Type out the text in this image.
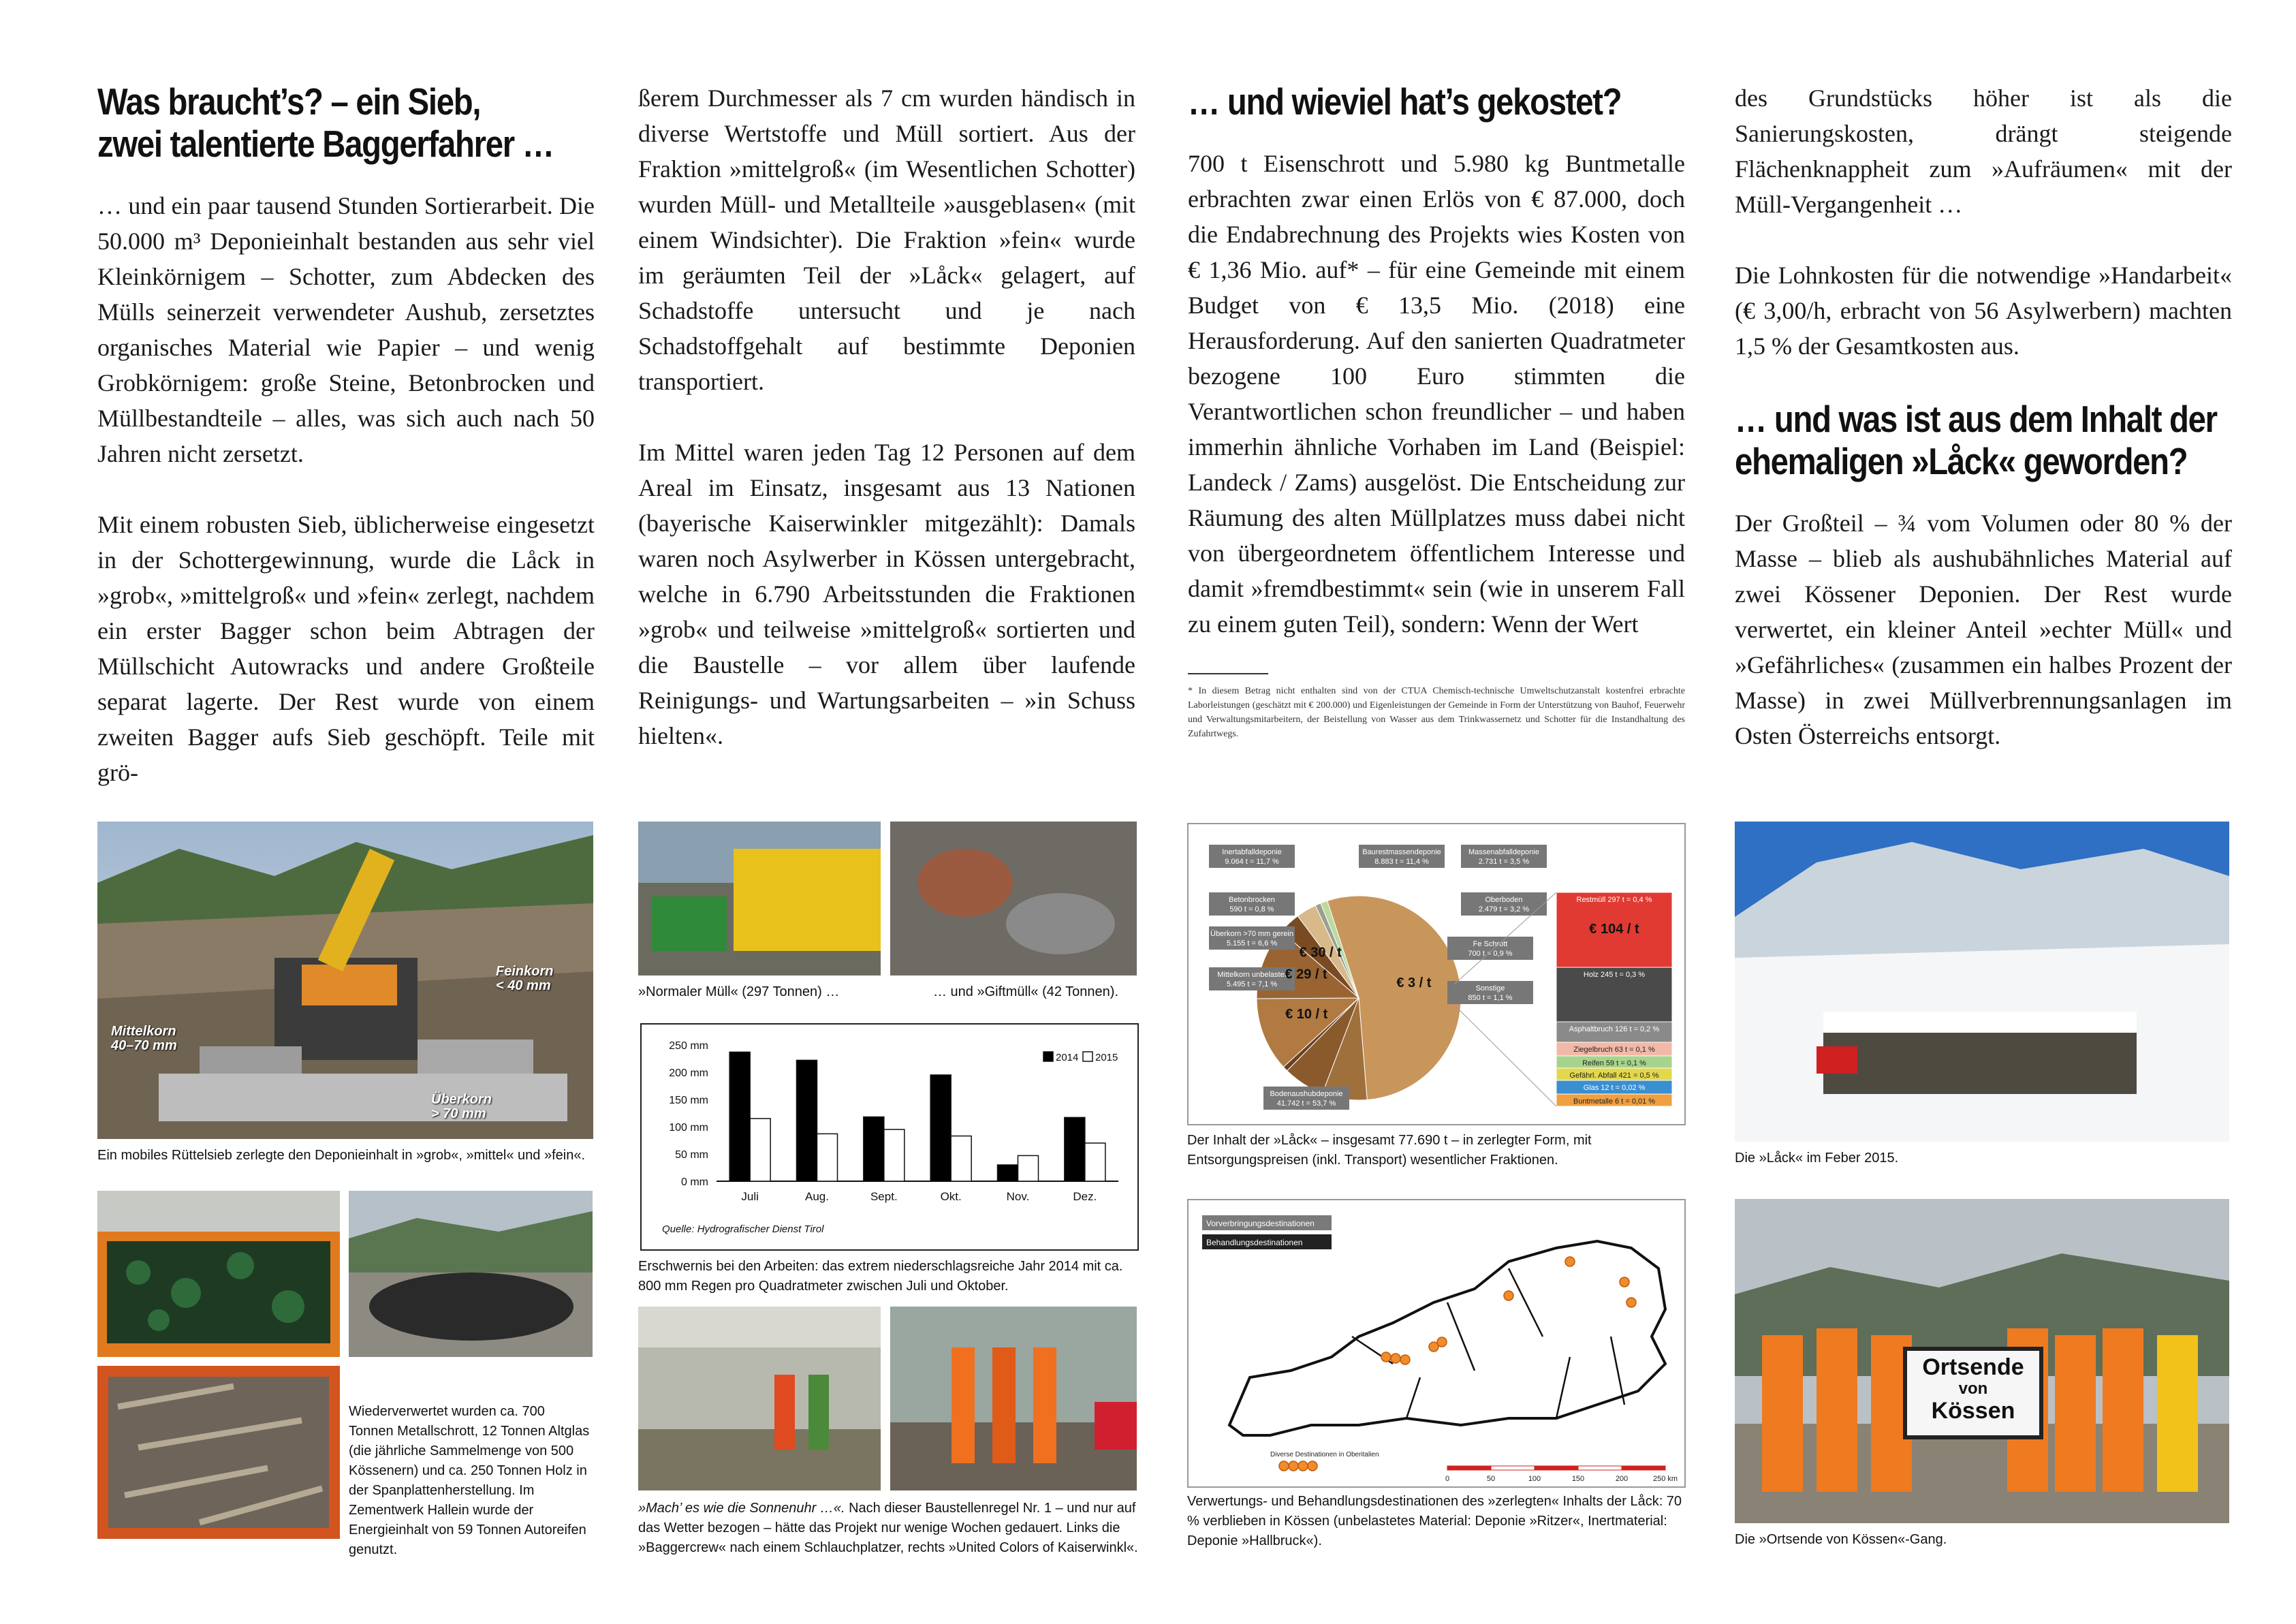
Was braucht’s? – ein Sieb,
zwei talentierte Baggerfahrer …

… und ein paar tausend Stunden Sortierarbeit. Die 50.000 m³ Deponieinhalt bestanden aus sehr viel Kleinkörnigem – Schotter, zum Abdecken des Mülls seinerzeit verwendeter Aushub, zersetztes organisches Material wie Papier – und wenig Grobkörnigem: große Steine, Betonbrocken und Müllbestandteile – alles, was sich auch nach 50 Jahren nicht zersetzt.

Mit einem robusten Sieb, üblicherweise eingesetzt in der Schottergewinnung, wurde die Låck in »grob«, »mittelgroß« und »fein« zerlegt, nachdem ein erster Bagger schon beim Abtragen der Müllschicht Autowracks und andere Großteile separat lagerte. Der Rest wurde von einem zweiten Bagger aufs Sieb geschöpft. Teile mit grö-

ßerem Durchmesser als 7 cm wurden händisch in diverse Wertstoffe und Müll sortiert. Aus der Fraktion »mittelgroß« (im Wesentlichen Schotter) wurden Müll- und Metallteile »ausgeblasen« (mit einem Windsichter). Die Fraktion »fein« wurde im geräumten Teil der »Låck« gelagert, auf Schadstoffe untersucht und je nach Schadstoffgehalt auf bestimmte Deponien transportiert.

Im Mittel waren jeden Tag 12 Personen auf dem Areal im Einsatz, insgesamt aus 13 Nationen (bayerische Kaiserwinkler mitgezählt): Damals waren noch Asylwerber in Kössen untergebracht, welche in 6.790 Arbeitsstunden die Fraktionen »grob« und teilweise »mittelgroß« sortierten und die Baustelle – vor allem über laufende Reinigungs- und Wartungsarbeiten – »in Schuss hielten«.

… und wieviel hat’s gekostet?

700 t Eisenschrott und 5.980 kg Buntmetalle erbrachten zwar einen Erlös von € 87.000, doch die Endabrechnung des Projekts wies Kosten von € 1,36 Mio. auf* – für eine Gemeinde mit einem Budget von € 13,5 Mio. (2018) eine Herausforderung. Auf den sanierten Quadratmeter bezogene 100 Euro stimmten die Verantwortlichen schon freundlicher – und haben immerhin ähnliche Vorhaben im Land (Beispiel: Landeck / Zams) ausgelöst. Die Entscheidung zur Räumung des alten Müllplatzes muss dabei nicht von übergeordnetem öffentlichem Interesse und damit »fremdbestimmt« sein (wie in unserem Fall zu einem guten Teil), sondern: Wenn der Wert

* In diesem Betrag nicht enthalten sind von der CTUA Chemisch-technische Umweltschutzanstalt kostenfrei erbrachte Laborleistungen (geschätzt mit € 200.000) und Eigenleistungen der Gemeinde in Form der Unterstützung von Bauhof, Feuerwehr und Verwaltungsmitarbeitern, der Beistellung von Wasser aus dem Trinkwassernetz und Schotter für die Instandhaltung des Zufahrtwegs.

des Grundstücks höher ist als die Sanierungskosten, drängt steigende Flächenknappheit zum »Aufräumen« mit der Müll-Vergangenheit …

Die Lohnkosten für die notwendige »Handarbeit« (€ 3,00/h, erbracht von 56 Asylwerbern) machten 1,5 % der Gesamtkosten aus.

… und was ist aus dem Inhalt der
ehemaligen »Låck« geworden?

Der Großteil – ¾ vom Volumen oder 80 % der Masse – blieb als aushubähnliches Material auf zwei Kössener Deponien. Der Rest wurde verwertet, ein kleiner Anteil »echter Müll« und »Gefährliches« (zusammen ein halbes Prozent der Masse) in zwei Müllverbrennungsanlagen im Osten Österreichs entsorgt.

Feinkorn
< 40 mm
Mittelkorn
40–70 mm
Überkorn
> 70 mm
Ein mobiles Rüttelsieb zerlegte den Deponieinhalt in »grob«, »mittel« und »fein«.
Wiederverwertet wurden ca. 700 Tonnen Metallschrott, 12 Tonnen Altglas (die jährliche Sammelmenge von 500 Kössenern) und ca. 250 Tonnen Holz in der Spanplattenherstellung. Im Zementwerk Hallein wurde der Energieinhalt von 59 Tonnen Autoreifen genutzt.
»Normaler Müll« (297 Tonnen) …	… und »Giftmüll« (42 Tonnen).
0 mm
50 mm
100 mm
150 mm
200 mm
250 mm
Juli	Aug.	Sept.	Okt.	Nov.	Dez.
2014 2015
Quelle: Hydrografischer Dienst Tirol
Erschwernis bei den Arbeiten: das extrem niederschlagsreiche Jahr 2014 mit ca. 800 mm Regen pro Quadratmeter zwischen Juli und Oktober.
»Mach’ es wie die Sonnenuhr …«. Nach dieser Baustellenregel Nr. 1 – und nur auf das Wetter bezogen – hätte das Projekt nur wenige Wochen gedauert. Links die »Baggercrew« nach einem Schlauchplatzer, rechts »United Colors of Kaiserwinkl«.
Bodenaushubdeponie
41.742 t = 53,7 %
€ 3 / t
Mittelkorn unbelastet
5.495 t = 7,1 %
Überkorn >70 mm gerein
5.155 t = 6,6 %
Betonbrocken
590 t = 0,8 %
Inertabfalldeponie
9.064 t = 11,7 %
€ 10 / t
Baurestmassendeponie
8.883 t = 11,4 %
€ 29 / t
Massenabfalldeponie
2.731 t = 3,5 %
€ 30 / t
Oberboden
2.479 t = 3,2 %
Fe Schrott
700 t = 0,9 %
Sonstige
850 t = 1,1 %
Restmüll 297 t = 0,4 %
€ 104 / t
Holz 245 t = 0,3 %
Asphaltbruch 126 t = 0,2 %
Ziegelbruch 63 t = 0,1 %
Reifen 59 t = 0,1 %
Gefährl. Abfall 421 = 0,5 %
Glas 12 t = 0,02 %
Buntmetalle 6 t = 0,01 %
Der Inhalt der »Låck« – insgesamt 77.690 t – in zerlegter Form, mit Entsorgungspreisen (inkl. Transport) wesentlicher Fraktionen.
Vorverbringungsdestinationen
Behandlungsdestinationen
Diverse Destinationen in Oberitalien
0	50	100	150	200	250 km
Verwertungs- und Behandlungsdestinationen des »zerlegten« Inhalts der Låck: 70 % verblieben in Kössen (unbelastetes Material: Deponie »Ritzer«, Inertmaterial: Deponie »Hallbruck«).
Die »Låck« im Feber 2015.
Ortsende
von
Kössen
Die »Ortsende von Kössen«-Gang.
